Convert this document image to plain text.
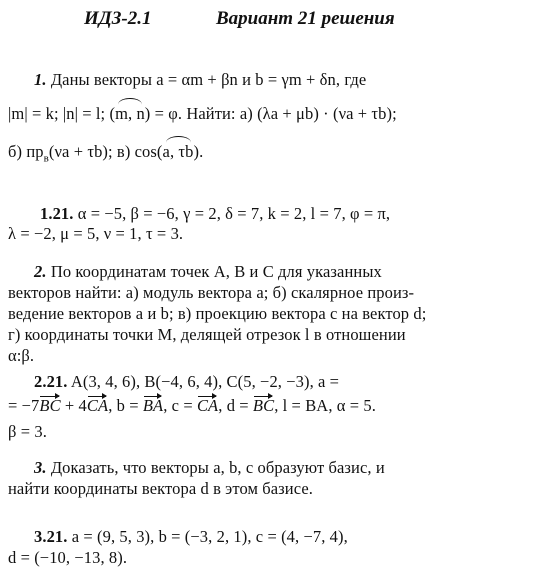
ИДЗ-2.1	Вариант 21 решения
1. Даны векторы a = αm + βn и b = γm + δn, где
|m| = k; |n| = l; (m, n) = φ. Найти: а) (λa + μb) · (νa + τb);
б) $пр_в(\nu a + \tau b)$; в) cos(a, τb).
1.21. α = −5, β = −6, γ = 2, δ = 7, k = 2, l = 7, φ = π,
λ = −2, μ = 5, ν = 1, τ = 3.
2. По координатам точек A, B и C для указанных
векторов найти: а) модуль вектора a; б) скалярное произ-
ведение векторов a и b; в) проекцию вектора c на вектор d;
г) координаты точки M, делящей отрезок l в отношении
α:β.
2.21. A(3, 4, 6), B(−4, 6, 4), C(5, −2, −3), a =
= −7BC + 4CA, b = BA, c = CA, d = BC, l = BA, α = 5.
β = 3.
3. Доказать, что векторы a, b, c образуют базис, и
найти координаты вектора d в этом базисе.
3.21. a = (9, 5, 3), b = (−3, 2, 1), c = (4, −7, 4),
d = (−10, −13, 8).
